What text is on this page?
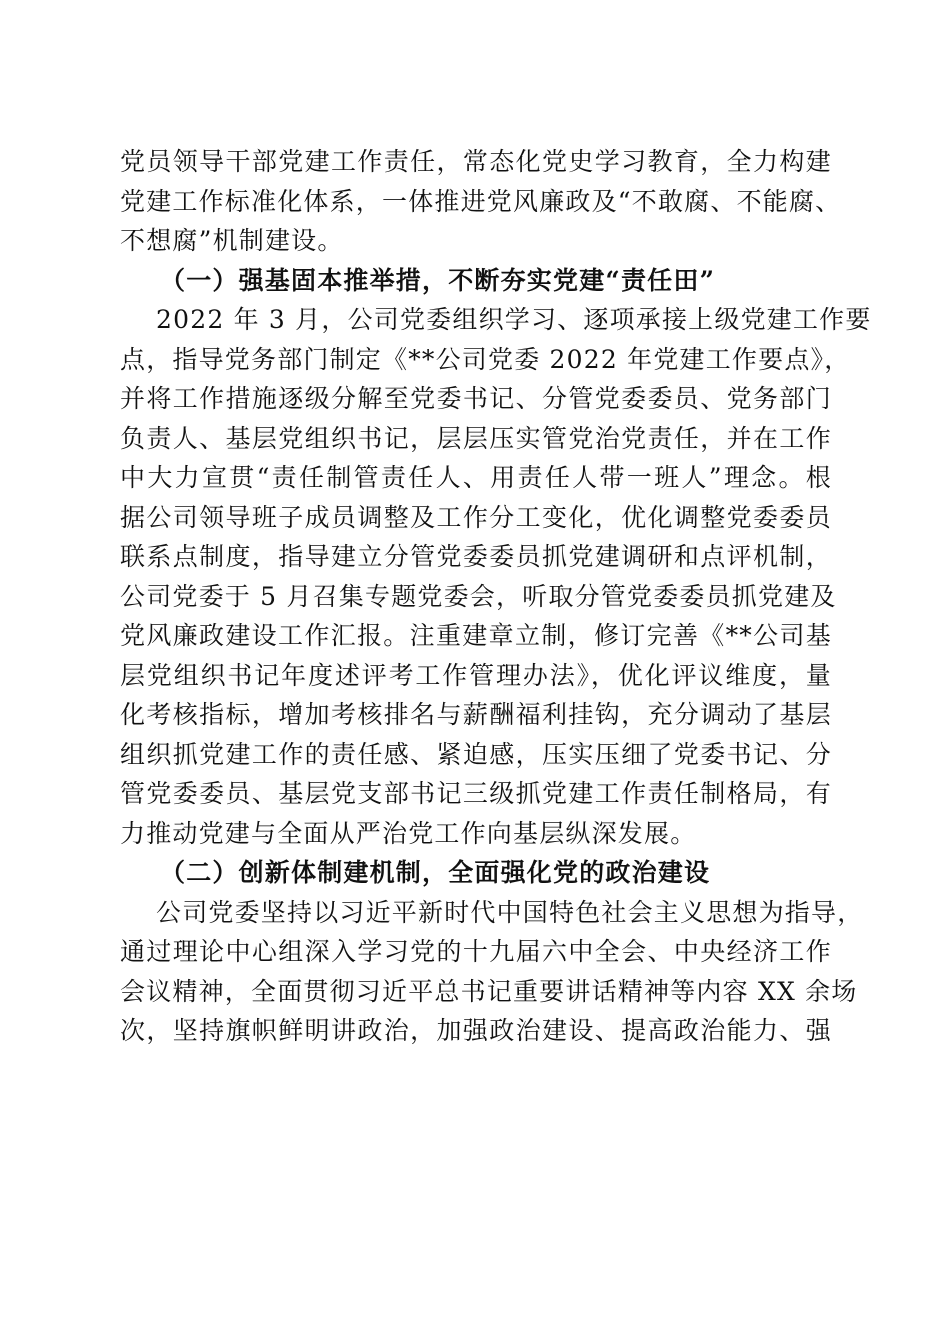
党员领导干部党建工作责任，常态化党史学习教育，全力构建
党建工作标准化体系，一体推进党风廉政及“不敢腐、不能腐、
不想腐”机制建设。
（一）强基固本推举措，不断夯实党建“责任田”
2022 年 3 月，公司党委组织学习、逐项承接上级党建工作要
点，指导党务部门制定《**公司党委 2022 年党建工作要点》，
并将工作措施逐级分解至党委书记、分管党委委员、党务部门
负责人、基层党组织书记，层层压实管党治党责任，并在工作
中大力宣贯“责任制管责任人、用责任人带一班人”理念。根
据公司领导班子成员调整及工作分工变化，优化调整党委委员
联系点制度，指导建立分管党委委员抓党建调研和点评机制，
公司党委于 5 月召集专题党委会，听取分管党委委员抓党建及
党风廉政建设工作汇报。注重建章立制，修订完善《**公司基
层党组织书记年度述评考工作管理办法》，优化评议维度，量
化考核指标，增加考核排名与薪酬福利挂钩，充分调动了基层
组织抓党建工作的责任感、紧迫感，压实压细了党委书记、分
管党委委员、基层党支部书记三级抓党建工作责任制格局，有
力推动党建与全面从严治党工作向基层纵深发展。
（二）创新体制建机制，全面强化党的政治建设
公司党委坚持以习近平新时代中国特色社会主义思想为指导，
通过理论中心组深入学习党的十九届六中全会、中央经济工作
会议精神，全面贯彻习近平总书记重要讲话精神等内容 XX 余场
次，坚持旗帜鲜明讲政治，加强政治建设、提高政治能力、强
